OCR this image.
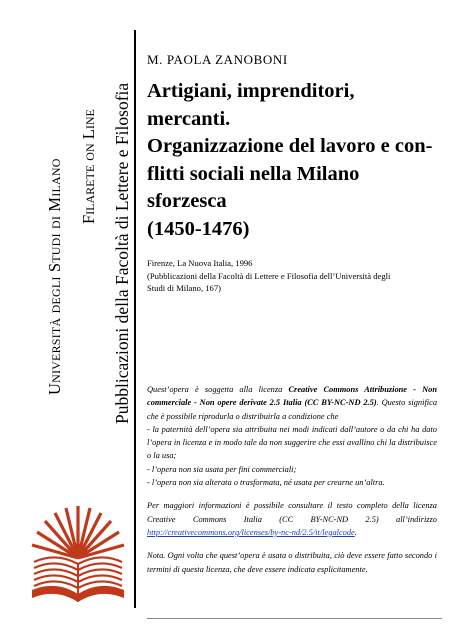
Università degli Studi di Milano Filarete on Line Pubblicazioni della Facoltà di Lettere e Filosofia
M. PAOLA ZANOBONI
Artigiani, imprenditori, mercanti.
Organizzazione del lavoro e con-
flitti sociali nella Milano sforzesca
(1450-1476)
Firenze, La Nuova Italia, 1996
(Pubblicazioni della Facoltà di Lettere e Filosofia dell’Università degli
Studi di Milano, 167)

Quest’opera è soggetta alla licenza Creative Commons Attribuzione - Non commerciale - Non opere derivate 2.5 Italia (CC BY-NC-ND 2.5). Questo significa che è possibile riprodurla o distribuirla a condizione che

- la paternità dell’opera sia attribuita nei modi indicati dall’autore o da chi ha dato l’opera in licenza e in modo tale da non suggerire che essi avallino chi la distribuisce o la usa;

- l’opera non sia usata per fini commerciali;

- l’opera non sia alterata o trasformata, né usata per crearne un’altra.

Per maggiori informazioni è possibile consultare il testo completo della licenza Creative Commons Italia (CC BY-NC-ND 2.5) all’indirizzo http://creativecommons.org/licenses/by-nc-nd/2.5/it/legalcode.

Nota. Ogni volta che quest’opera è usata o distribuita, ciò deve essere fatto secondo i termini di questa licenza, che deve essere indicata esplicitamente.
